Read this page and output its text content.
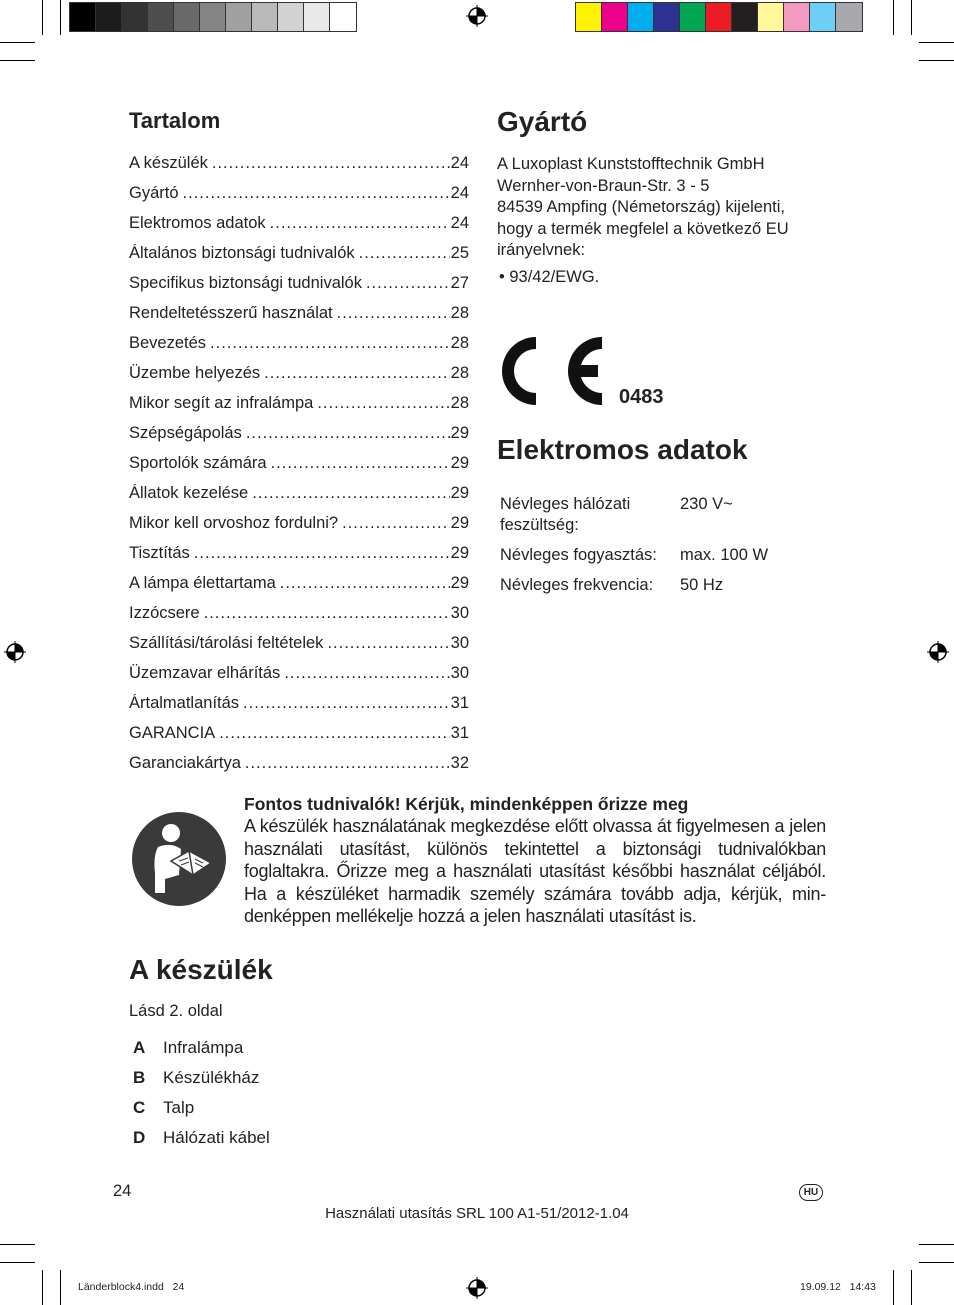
Tartalom
A készülék .....	24
Gyártó .....	24
Elektromos adatok .....	24
Általános biztonsági tudnivalók .....	25
Specifikus biztonsági tudnivalók .....	27
Rendeltetésszerű használat .....	28
Bevezetés .....	28
Üzembe helyezés .....	28
Mikor segít az infralámpa .....	28
Szépségápolás .....	29
Sportolók számára .....	29
Állatok kezelése .....	29
Mikor kell orvoshoz fordulni? .....	29
Tisztítás .....	29
A lámpa élettartama .....	29
Izzócsere .....	30
Szállítási/tárolási feltételek .....	30
Üzemzavar elhárítás .....	30
Ártalmatlanítás .....	31
GARANCIA .....	31
Garanciakártya .....	32
Gyártó
A Luxoplast Kunststofftechnik GmbH
Wernher-von-Braun-Str. 3 - 5
84539 Ampfing (Németország) kijelenti,
hogy a termék megfelel a következő EU
irányelvnek:
• 93/42/EWG.
0483
Elektromos adatok
Névleges hálózati
feszültség:	230 V~
Névleges fogyasztás:	max. 100 W
Névleges frekvencia:	50 Hz
Fontos tudnivalók! Kérjük, mindenképpen őrizze meg

A készülék használatának megkezdése előtt olvassa át figyelmesen a jelen használati utasítást, különös tekintettel a biztonsági tudnivalókban foglaltakra. Őrizze meg a használati utasítást későbbi használat céljából. Ha a készüléket harmadik személy számára tovább adja, kérjük, min-denképpen mellékelje hozzá a jelen használati utasítást is.

A készülék
Lásd 2. oldal
A	Infralámpa
B	Készülékház
C	Talp
D	Hálózati kábel
24	HU
Használati utasítás SRL 100 A1-51/2012-1.04
Länderblock4.indd   24	19.09.12   14:43
